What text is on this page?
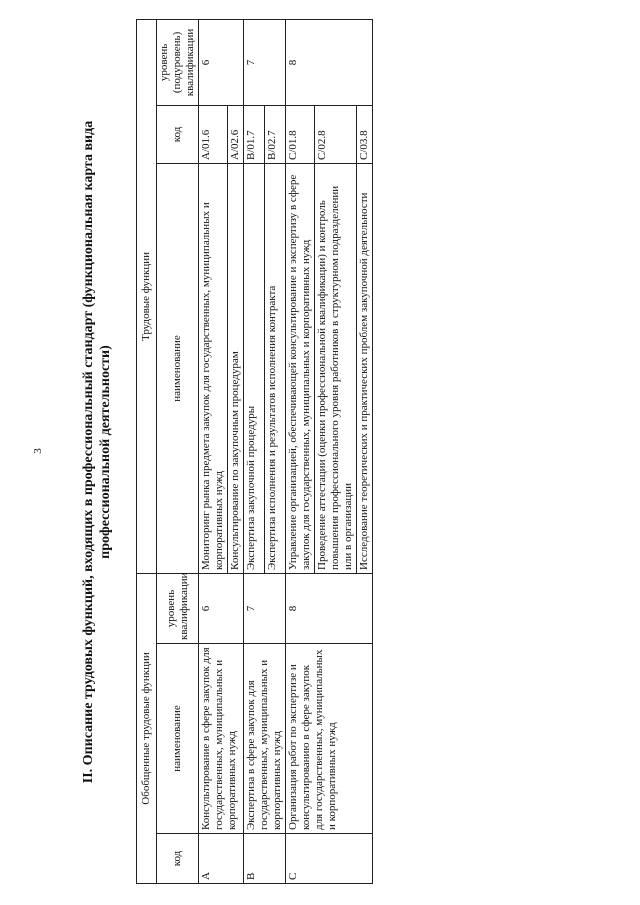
3	II. Описание трудовых функций, входящих в профессиональный стандарт (функциональная карта вида профессиональной деятельности)
Обобщенные трудовые функции			Трудовые функции		
код	наименование	уровень квалификации	наименование	код	уровень (подуровень) квалификации
A	Консультирование в сфере закупок для государственных, муниципальных и корпоративных нужд	6	Мониторинг рынка предмета закупок для государственных, муниципальных и корпоративных нужд	A/01.6	6
			Консультирование по закупочным процедурам	A/02.6	
B	Экспертиза в сфере закупок для государственных, муниципальных и корпоративных нужд	7	Экспертиза закупочной процедуры	B/01.7	7
			Экспертиза исполнения и результатов исполнения контракта	B/02.7	
C	Организация работ по экспертизе и консультированию в сфере закупок для государственных, муниципальных и корпоративных нужд	8	Управление организацией, обеспечивающей консультирование и экспертизу в сфере закупок для государственных, муниципальных и корпоративных нужд	C/01.8	8
			Проведение аттестации (оценки профессиональной квалификации) и контроль повышения профессионального уровня работников в структурном подразделении или в организации	C/02.8	
			Исследование теоретических и практических проблем закупочной деятельности	C/03.8	
